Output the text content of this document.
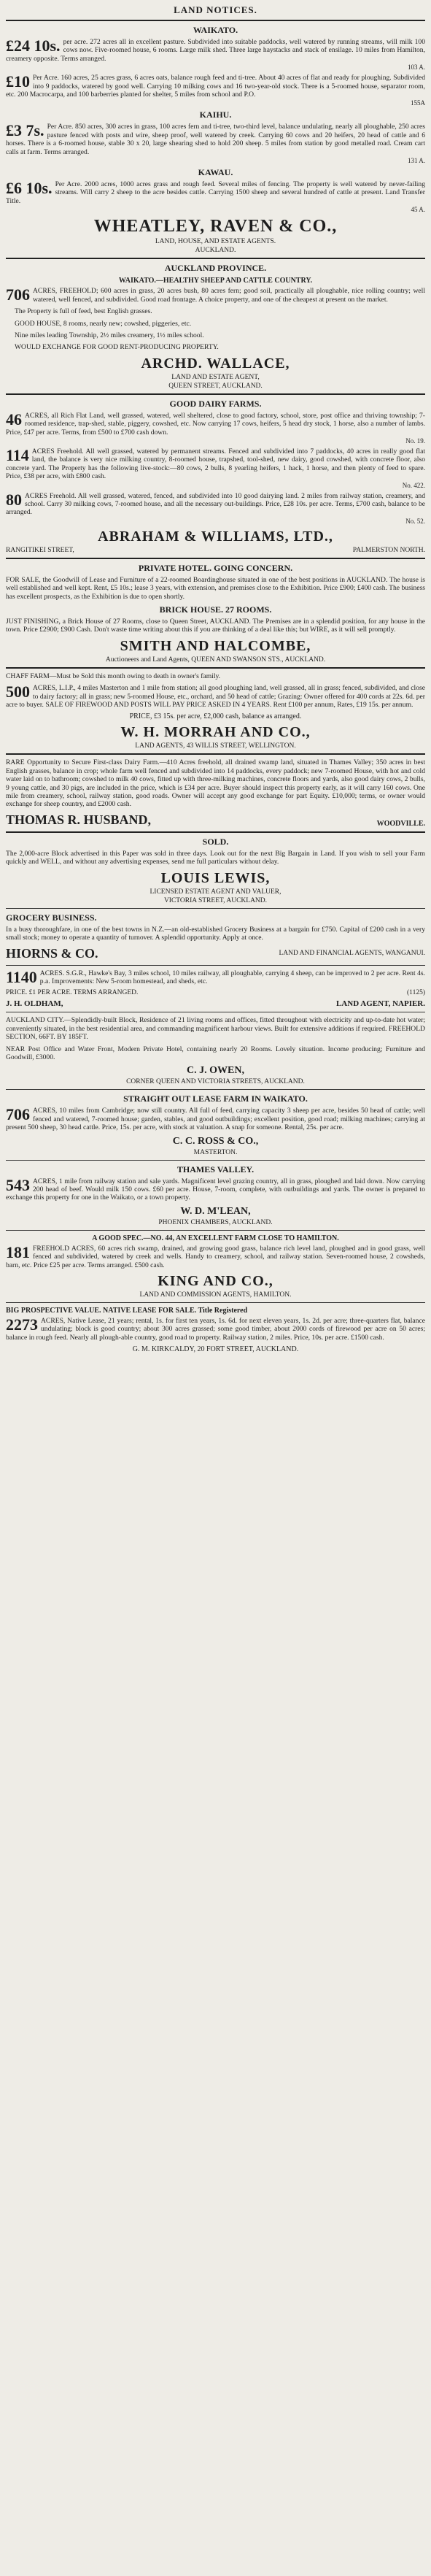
LAND NOTICES.
WAIKATO.
£24 10s. per acre. 272 acres all in excellent pasture. Subdivided into suitable paddocks, well watered by running streams, will milk 100 cows now. Five-roomed house, 6 rooms. Large milk shed. Three large haystacks and stack of ensilage. 10 miles from Hamilton, creamery opposite. Terms arranged.
103 A.
£10 Per Acre. 160 acres, 25 acres grass, 6 acres oats, balance rough feed and ti-tree. About 40 acres of flat and ready for ploughing. Subdivided into 9 paddocks, watered by good well. Carrying 10 milking cows and 16 two-year-old stock. There is a 5-roomed house, separator room, etc. 200 Macrocarpa, and 100 barberries planted for shelter, 5 miles from school and P.O.
155A
KAIHU.
£3 7s. Per Acre. 850 acres, 300 acres in grass, 100 acres fern and ti-tree, two-third level, balance undulating, nearly all ploughable, 250 acres pasture fenced with posts and wire, sheep proof, well watered by creek. Carrying 60 cows and 20 heifers, 20 head of cattle and 6 horses. There is a 6-roomed house, stable 30 x 20, large shearing shed to hold 200 sheep. 5 miles from station by good metalled road. Cream cart calls at farm. Terms arranged.
131 A.
KAWAU.
£6 10s. Per Acre. 2000 acres, 1000 acres grass and rough feed. Several miles of fencing. The property is well watered by never-failing streams. Will carry 2 sheep to the acre besides cattle. Carrying 1500 sheep and several hundred of cattle at present. Land Transfer Title.
45 A.
WHEATLEY, RAVEN & CO.,
LAND, HOUSE, AND ESTATE AGENTS.
AUCKLAND.
AUCKLAND PROVINCE.
WAIKATO.—HEALTHY SHEEP AND CATTLE COUNTRY.
706 ACRES, FREEHOLD; 600 acres in grass, 20 acres bush, 80 acres fern; good soil, practically all ploughable, nice rolling country; well watered, well fenced, and subdivided. Good road frontage. A choice property, and one of the cheapest at present on the market.
The Property is full of feed, best English grasses.
GOOD HOUSE, 8 rooms, nearly new; cowshed, piggeries, etc.
Nine miles leading Township, 2½ miles creamery, 1½ miles school.
WOULD EXCHANGE FOR GOOD RENT-PRODUCING PROPERTY.
ARCHD. WALLACE,
LAND AND ESTATE AGENT,
QUEEN STREET, AUCKLAND.
GOOD DAIRY FARMS.
46 ACRES, all Rich Flat Land, well grassed, watered, well sheltered, close to good factory, school, store, post office and thriving township; 7-roomed residence, trap-shed, stable, piggery, cowshed, etc. Now carrying 17 cows, heifers, 5 head dry stock, 1 horse, also a number of lambs. Price, £47 per acre. Terms, from £500 to £700 cash down.
No. 19.
114 ACRES Freehold. All well grassed, watered by permanent streams. Fenced and subdivided into 7 paddocks, 40 acres in really good flat land, the balance is very nice milking country, 8-roomed house, trapshed, tool-shed, new dairy, good cowshed, with concrete floor, also concrete yard. The Property has the following live-stock:—80 cows, 2 bulls, 8 yearling heifers, 1 hack, 1 horse, and then plenty of feed to spare. Price, £38 per acre, with £800 cash.
No. 422.
80 ACRES Freehold. All well grassed, watered, fenced, and subdivided into 10 good dairying land. 2 miles from railway station, creamery, and school. Carry 30 milking cows, 7-roomed house, and all the necessary out-buildings. Price, £28 10s. per acre. Terms, £700 cash, balance to be arranged.
No. 52.
ABRAHAM & WILLIAMS, LTD.,
RANGITIKEI STREET,	PALMERSTON NORTH.
PRIVATE HOTEL. GOING CONCERN.
FOR SALE, the Goodwill of Lease and Furniture of a 22-roomed Boardinghouse situated in one of the best positions in AUCKLAND. The house is well established and well kept. Rent, £5 10s.; lease 3 years, with extension, and premises close to the Exhibition. Price £900; £400 cash. The business has excellent prospects, as the Exhibition is due to open shortly.
BRICK HOUSE. 27 ROOMS.
JUST FINISHING, a Brick House of 27 Rooms, close to Queen Street, AUCKLAND. The Premises are in a splendid position, for any house in the town. Price £2900; £900 Cash. Don't waste time writing about this if you are thinking of a deal like this; but WIRE, as it will sell promptly.
SMITH AND HALCOMBE,
Auctioneers and Land Agents, QUEEN AND SWANSON STS., AUCKLAND.
CHAFF FARM—Must be Sold this month owing to death in owner's family.
500 ACRES, L.I.P., 4 miles Masterton and 1 mile from station; all good ploughing land, well grassed, all in grass; fenced, subdivided, and close to dairy factory; all in grass; new 5-roomed House, etc., orchard, and 50 head of cattle; Grazing: Owner offered for 400 cords at 22s. 6d. per acre to buyer. SALE OF FIREWOOD AND POSTS WILL PAY PRICE ASKED IN 4 YEARS. Rent £100 per annum, Rates, £19 15s. per annum.
PRICE, £3 15s. per acre, £2,000 cash, balance as arranged.
W. H. MORRAH AND CO.,
LAND AGENTS, 43 WILLIS STREET, WELLINGTON.
RARE Opportunity to Secure First-class Dairy Farm.—410 Acres freehold, all drained swamp land, situated in Thames Valley; 350 acres in best English grasses, balance in crop; whole farm well fenced and subdivided into 14 paddocks, every paddock; new 7-roomed House, with hot and cold water laid on to bathroom; cowshed to milk 40 cows, fitted up with three-milking machines, concrete floors and yards, also good dairy cows, 2 bulls, 9 young cattle, and 30 pigs, are included in the price, which is £34 per acre. Buyer should inspect this property early, as it will carry 160 cows. One mile from creamery, school, railway station, good roads. Owner will accept any good exchange for part Equity. £10,000; terms, or owner would exchange for sheep country, and £2000 cash.
THOMAS R. HUSBAND,	WOODVILLE.
SOLD.
The 2,000-acre Block advertised in this Paper was sold in three days. Look out for the next Big Bargain in Land. If you wish to sell your Farm quickly and WELL, and without any advertising expenses, send me full particulars without delay.
LOUIS LEWIS,
LICENSED ESTATE AGENT AND VALUER,
VICTORIA STREET, AUCKLAND.
GROCERY BUSINESS.
In a busy thoroughfare, in one of the best towns in N.Z.—an old-established Grocery Business at a bargain for £750. Capital of £200 cash in a very small stock; money to operate a quantity of turnover. A splendid opportunity. Apply at once.
HIORNS & CO.	LAND AND FINANCIAL AGENTS, WANGANUI.
1140 ACRES. S.G.R., Hawke's Bay, 3 miles school, 10 miles railway, all ploughable, carrying 4 sheep, can be improved to 2 per acre. Rent 4s. p.a. Improvements: New 5-room homestead, and sheds, etc.
PRICE. £1 PER ACRE. TERMS ARRANGED.	(1125)
J. H. OLDHAM,	LAND AGENT, NAPIER.
AUCKLAND CITY.—Splendidly-built Block, Residence of 21 living rooms and offices, fitted throughout with electricity and up-to-date hot water; conveniently situated, in the best residential area, and commanding magnificent harbour views. Built for extensive additions if required. FREEHOLD SECTION, 66FT. BY 185FT.
NEAR Post Office and Water Front, Modern Private Hotel, containing nearly 20 Rooms. Lovely situation. Income producing; Furniture and Goodwill, £3000.
C. J. OWEN,
CORNER QUEEN AND VICTORIA STREETS, AUCKLAND.
STRAIGHT OUT LEASE FARM IN WAIKATO.
706 ACRES, 10 miles from Cambridge; now still country. All full of feed, carrying capacity 3 sheep per acre, besides 50 head of cattle; well fenced and watered, 7-roomed house; garden, stables, and good outbuildings; excellent position, good road; milking machines; carrying at present 500 sheep, 30 head cattle. Price, 15s. per acre, with stock at valuation. A snap for someone. Rental, 25s. per acre.
C. C. ROSS & CO.,
MASTERTON.
THAMES VALLEY.
543 ACRES, 1 mile from railway station and sale yards. Magnificent level grazing country, all in grass, ploughed and laid down. Now carrying 200 head of beef. Would milk 150 cows. £60 per acre. House, 7-room, complete, with outbuildings and yards. The owner is prepared to exchange this property for one in the Waikato, or a town property.
W. D. M'LEAN,
PHOENIX CHAMBERS, AUCKLAND.
A GOOD SPEC.—NO. 44, AN EXCELLENT FARM CLOSE TO HAMILTON.
181 FREEHOLD ACRES, 60 acres rich swamp, drained, and growing good grass, balance rich level land, ploughed and in good grass, well fenced and subdivided, watered by creek and wells. Handy to creamery, school, and railway station. Seven-roomed house, 2 cowsheds, barn, etc. Price £25 per acre. Terms arranged. £500 cash.
KING AND CO.,
LAND AND COMMISSION AGENTS, HAMILTON.
BIG PROSPECTIVE VALUE. NATIVE LEASE FOR SALE. Title Registered
2273 ACRES, Native Lease, 21 years; rental, 1s. for first ten years, 1s. 6d. for next eleven years, 1s. 2d. per acre; three-quarters flat, balance undulating; block is good country; about 300 acres grassed; some good timber, about 2000 cords of firewood per acre on 50 acres; balance in rough feed. Nearly all plough-able country, good road to property. Railway station, 2 miles. Price, 10s. per acre. £1500 cash.
G. M. KIRKCALDY, 20 FORT STREET, AUCKLAND.
